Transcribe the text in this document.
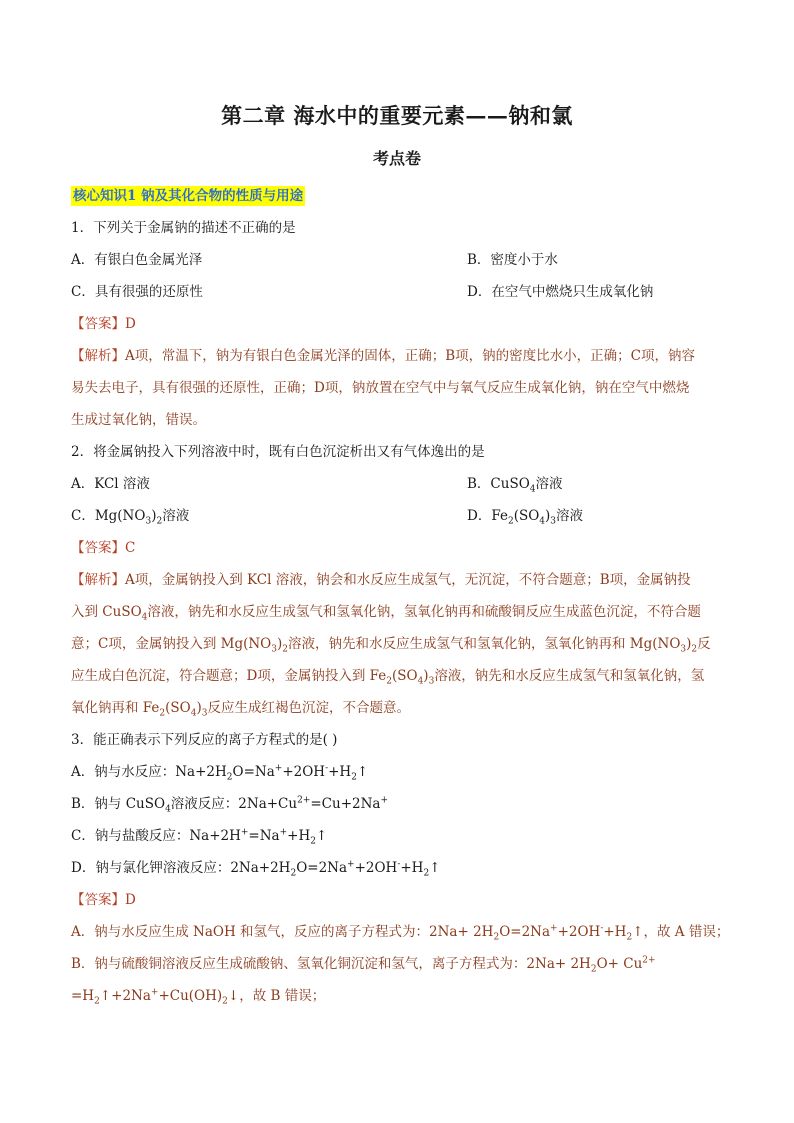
第二章 海水中的重要元素——钠和氯
考点卷
核心知识1 钠及其化合物的性质与用途
1．下列关于金属钠的描述不正确的是
A．有银白色金属光泽	B．密度小于水
C．具有很强的还原性	D．在空气中燃烧只生成氧化钠
【答案】D
【解析】A项，常温下，钠为有银白色金属光泽的固体，正确；B项，钠的密度比水小，正确；C项，钠容
易失去电子，具有很强的还原性，正确；D项，钠放置在空气中与氧气反应生成氧化钠，钠在空气中燃烧
生成过氧化钠，错误。
2．将金属钠投入下列溶液中时，既有白色沉淀析出又有气体逸出的是
A．KCl 溶液	B．CuSO$_4$溶液
C．$Mg(NO_3)_2$溶液	D．$Fe_2(SO_4)_3$溶液
【答案】C
【解析】A项，金属钠投入到 KCl 溶液，钠会和水反应生成氢气，无沉淀，不符合题意；B项，金属钠投
入到 CuSO$_4$溶液，钠先和水反应生成氢气和氢氧化钠，氢氧化钠再和硫酸铜反应生成蓝色沉淀，不符合题
意；C项，金属钠投入到 $Mg(NO_3)_2$溶液，钠先和水反应生成氢气和氢氧化钠，氢氧化钠再和 $Mg(NO_3)_2$反
应生成白色沉淀，符合题意；D项，金属钠投入到 $Fe_2(SO_4)_3$溶液，钠先和水反应生成氢气和氢氧化钠，氢
氧化钠再和 $Fe_2(SO_4)_3$反应生成红褐色沉淀，不合题意。
3．能正确表示下列反应的离子方程式的是( )
A．钠与水反应：$Na+2H_2O=Na^++2OH^-+H_2↑$
B．钠与 CuSO$_4$溶液反应：$2Na+Cu^{2+}=Cu+2Na^+$
C．钠与盐酸反应：$Na+2H^+=Na^++H_2↑$
D．钠与氯化钾溶液反应：$2Na+2H_2O=2Na^++2OH^-+H_2↑$
【答案】D
A．钠与水反应生成 NaOH 和氢气，反应的离子方程式为：$2Na+ 2H_2O=2Na^++2OH^-+H_2↑$，故 A 错误；
B．钠与硫酸铜溶液反应生成硫酸钠、氢氧化铜沉淀和氢气，离子方程式为：$2Na+ 2H_2O+ Cu^{2+}$
$=H_2↑+2Na^++Cu(OH)_2↓$，故 B 错误；
